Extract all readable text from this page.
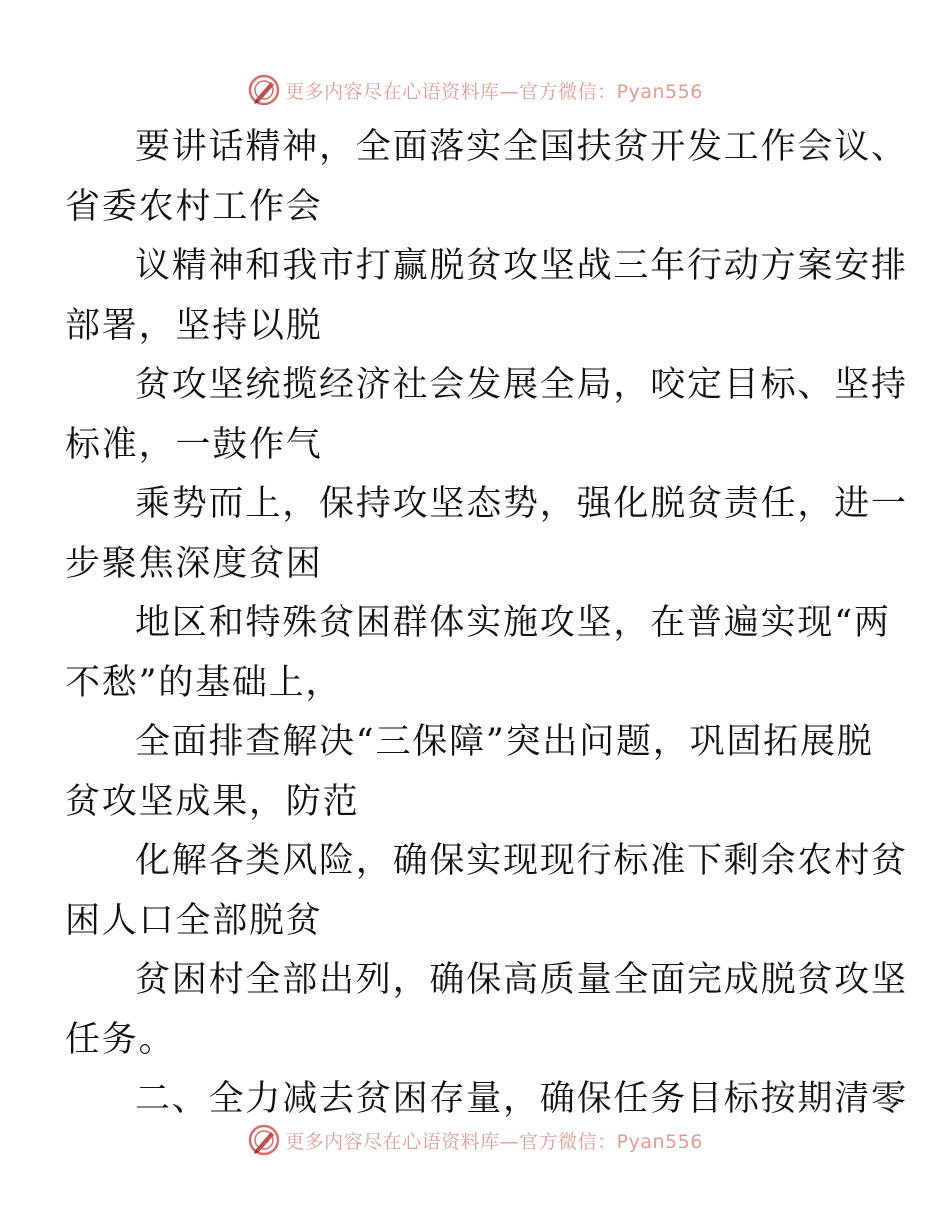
更多内容尽在心语资料库—官方微信：Pyan556

要讲话精神，全面落实全国扶贫开发工作会议、
省委农村工作会

议精神和我市打赢脱贫攻坚战三年行动方案安排
部署，坚持以脱

贫攻坚统揽经济社会发展全局，咬定目标、坚持
标准，一鼓作气

乘势而上，保持攻坚态势，强化脱贫责任，进一
步聚焦深度贫困

地区和特殊贫困群体实施攻坚，在普遍实现“两
不愁”的基础上，

全面排查解决“三保障”突出问题，巩固拓展脱
贫攻坚成果，防范

化解各类风险，确保实现现行标准下剩余农村贫
困人口全部脱贫

贫困村全部出列，确保高质量全面完成脱贫攻坚
任务。

二、全力减去贫困存量，确保任务目标按期清零

更多内容尽在心语资料库—官方微信：Pyan556
